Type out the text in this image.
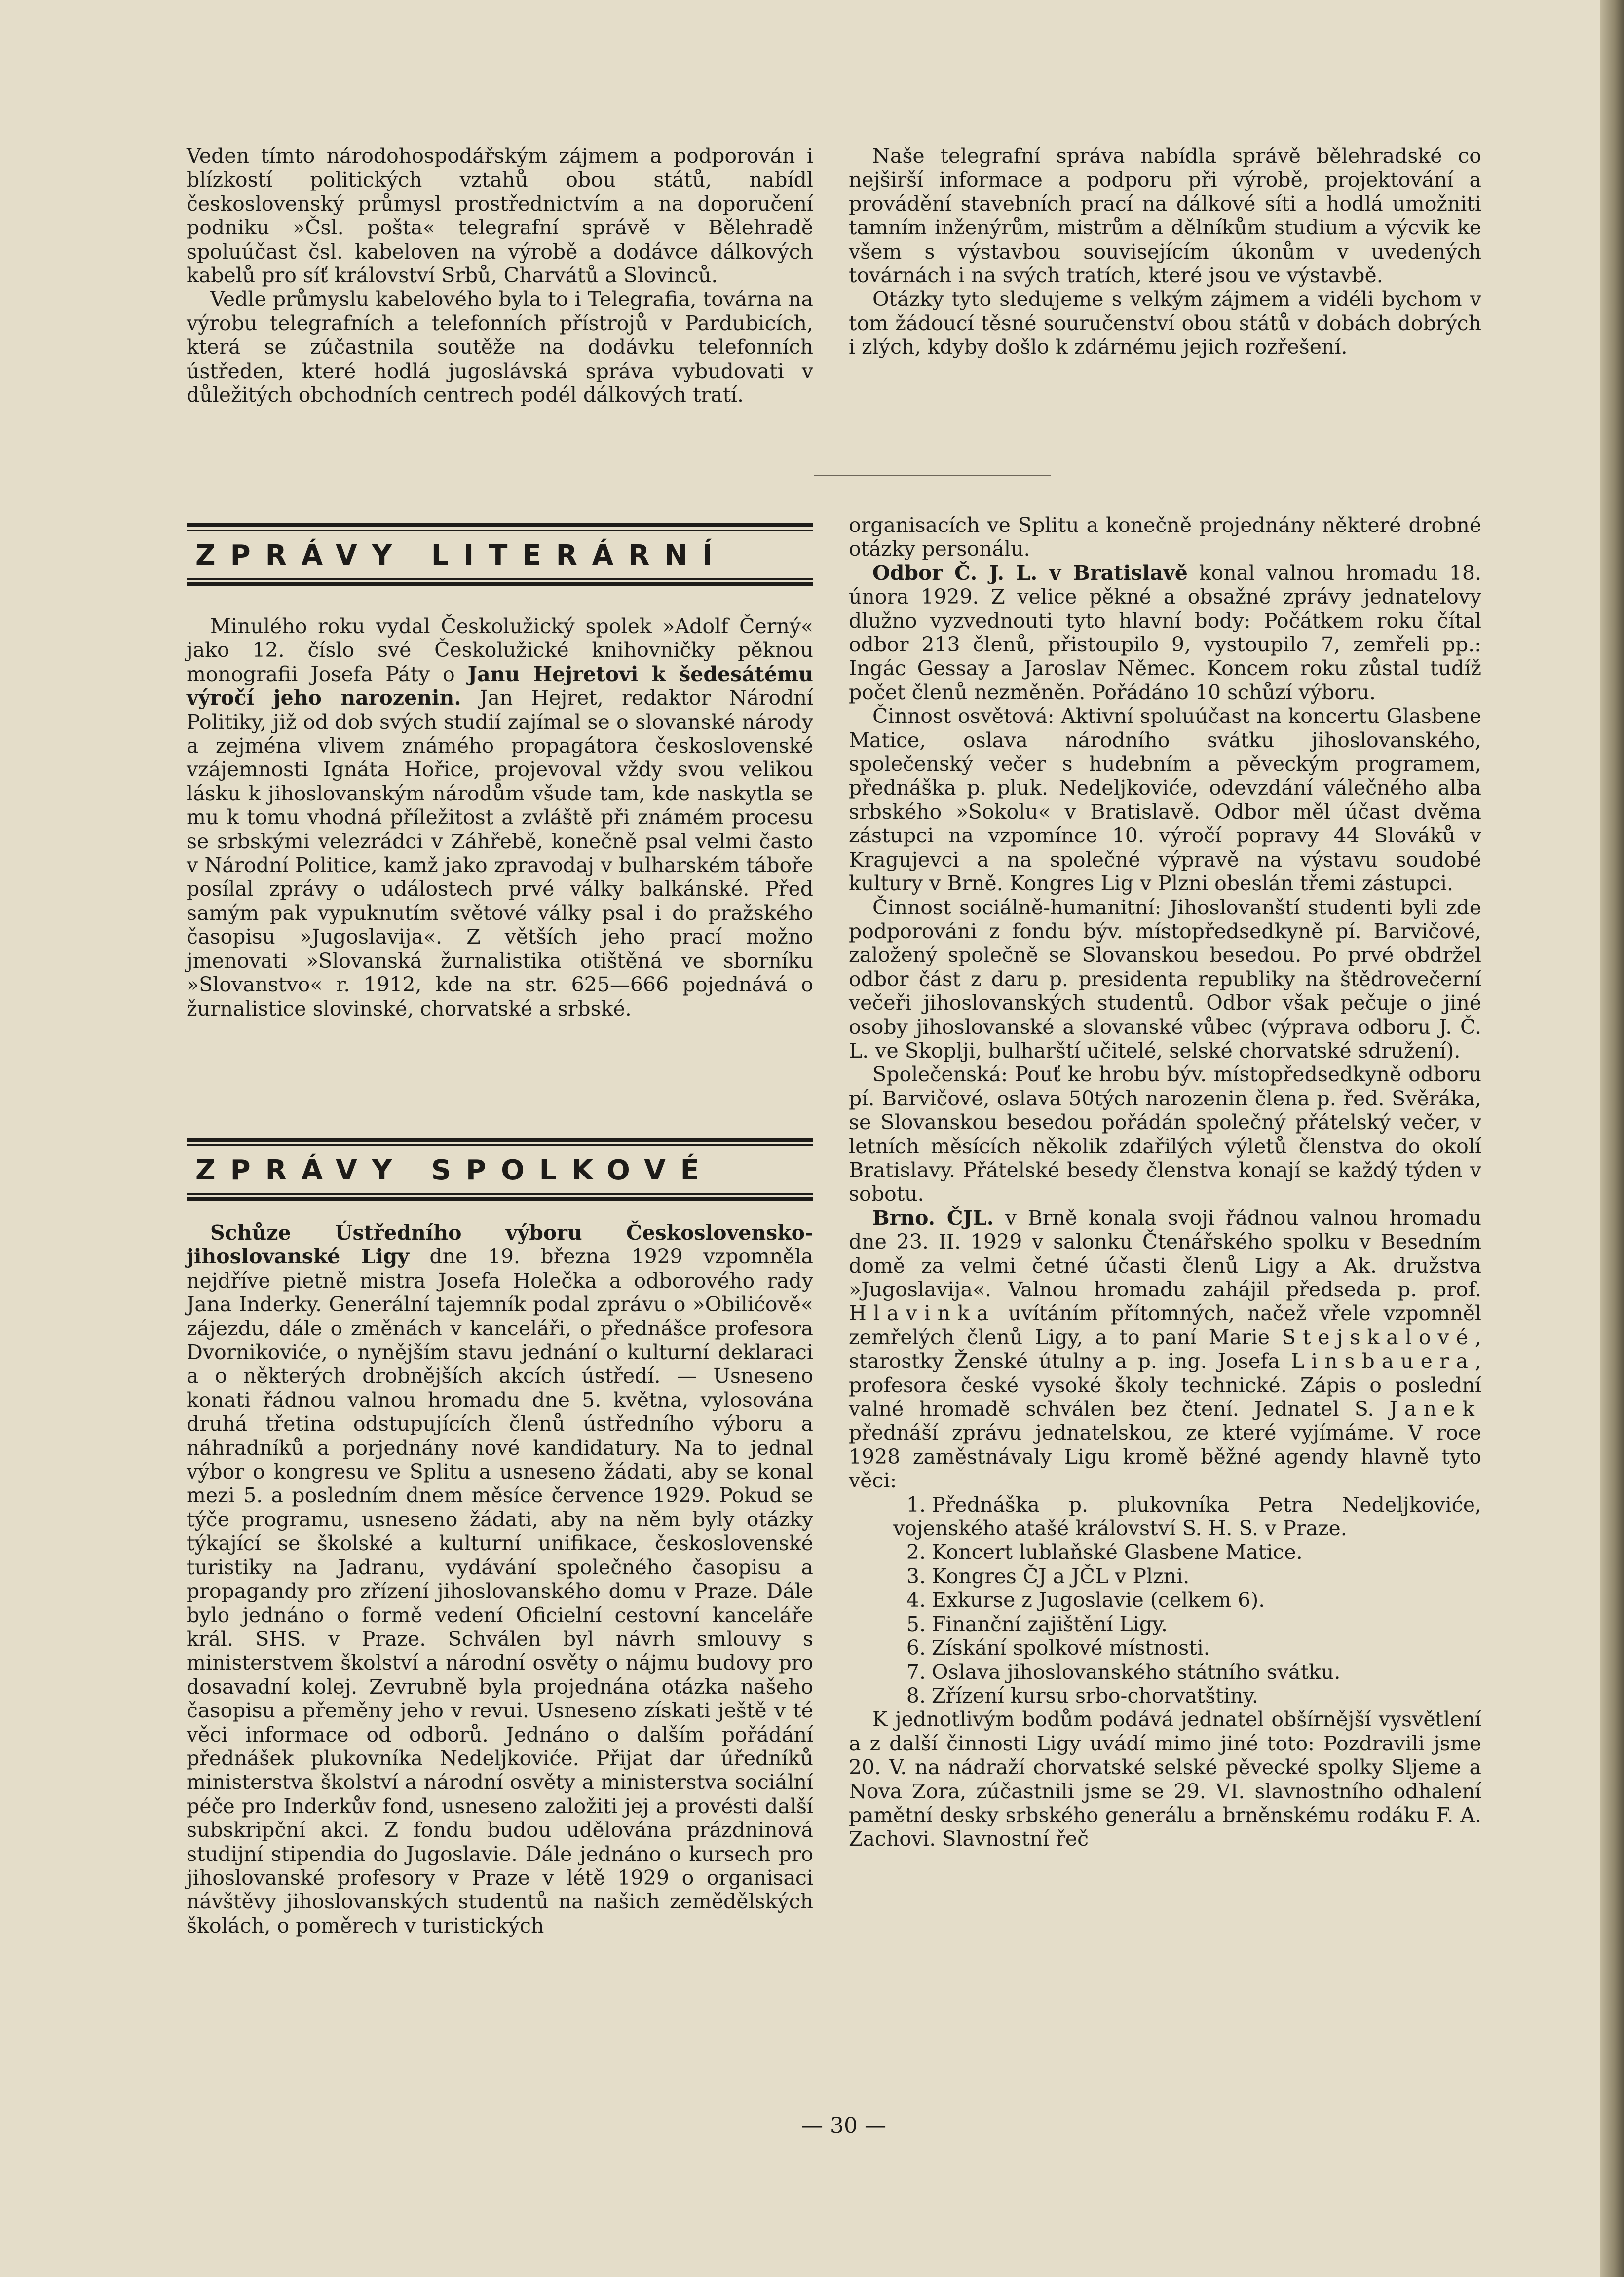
Veden tímto národohospodářským zájmem a podporován i blízkostí politických vztahů obou států, nabídl československý průmysl prostřednictvím a na doporučení podniku »Čsl. pošta« telegrafní správě v Bělehradě spoluúčast čsl. kabeloven na výrobě a dodávce dálkových kabelů pro síť království Srbů, Charvátů a Slovinců.

Vedle průmyslu kabelového byla to i Telegrafia, továrna na výrobu telegrafních a telefonních přístrojů v Pardubicích, která se zúčastnila soutěže na dodávku telefonních ústředen, které hodlá jugoslávská správa vybudovati v důležitých obchodních centrech podél dálkových tratí.

Naše telegrafní správa nabídla správě bělehradské co nejširší informace a podporu při výrobě, projektování a provádění stavebních prací na dálkové síti a hodlá umožniti tamním inženýrům, mistrům a dělníkům studium a výcvik ke všem s výstavbou souvisejícím úkonům v uvedených továrnách i na svých tratích, které jsou ve výstavbě.

Otázky tyto sledujeme s velkým zájmem a vidéli bychom v tom žádoucí těsné souručenství obou států v dobách dobrých i zlých, kdyby došlo k zdárnému jejich rozřešení.

ZPRÁVY LITERÁRNÍ

Minulého roku vydal Českolužický spolek »Adolf Černý« jako 12. číslo své Českolužické knihovničky pěknou monografii Josefa Páty o Janu Hejretovi k šedesátému výročí jeho narozenin. Jan Hejret, redaktor Národní Politiky, již od dob svých studií zajímal se o slovanské národy a zejména vlivem známého propagátora československé vzájemnosti Ignáta Hořice, projevoval vždy svou velikou lásku k jihoslovanským národům všude tam, kde naskytla se mu k tomu vhodná příležitost a zvláště při známém procesu se srbskými velezrádci v Záhřebě, konečně psal velmi často v Národní Politice, kamž jako zpravodaj v bulharském táboře posílal zprávy o událostech prvé války balkánské. Před samým pak vypuknutím světové války psal i do pražského časopisu »Jugoslavija«. Z větších jeho prací možno jmenovati »Slovanská žurnalistika otištěná ve sborníku »Slovanstvo« r. 1912, kde na str. 625—666 pojednává o žurnalistice slovinské, chorvatské a srbské.

ZPRÁVY SPOLKOVÉ

Schůze Ústředního výboru Československo-jihoslovanské Ligy dne 19. března 1929 vzpomněla nejdříve pietně mistra Josefa Holečka a odborového rady Jana Inderky. Generální tajemník podal zprávu o »Obilićově« zájezdu, dále o změnách v kanceláři, o přednášce profesora Dvornikoviće, o nynějším stavu jednání o kulturní deklaraci a o některých drobnějších akcích ústředí. — Usneseno konati řádnou valnou hromadu dne 5. května, vylosována druhá třetina odstupujících členů ústředního výboru a náhradníků a porjednány nové kandidatury. Na to jednal výbor o kongresu ve Splitu a usneseno žádati, aby se konal mezi 5. a posledním dnem měsíce července 1929. Pokud se týče programu, usneseno žádati, aby na něm byly otázky týkající se školské a kulturní unifikace, československé turistiky na Jadranu, vydávání společného časopisu a propagandy pro zřízení jihoslovanského domu v Praze. Dále bylo jednáno o formě vedení Oficielní cestovní kanceláře král. SHS. v Praze. Schválen byl návrh smlouvy s ministerstvem školství a národní osvěty o nájmu budovy pro dosavadní kolej. Zevrubně byla projednána otázka našeho časopisu a přeměny jeho v revui. Usneseno získati ještě v té věci informace od odborů. Jednáno o dalším pořádání přednášek plukovníka Nedeljkoviće. Přijat dar úředníků ministerstva školství a národní osvěty a ministerstva sociální péče pro Inderkův fond, usneseno založiti jej a provésti další subskripční akci. Z fondu budou udělována prázdninová studijní stipendia do Jugoslavie. Dále jednáno o kursech pro jihoslovanské profesory v Praze v létě 1929 o organisaci návštěvy jihoslovanských studentů na našich zemědělských školách, o poměrech v turistických

organisacích ve Splitu a konečně projednány některé drobné otázky personálu.

Odbor Č. J. L. v Bratislavě konal valnou hromadu 18. února 1929. Z velice pěkné a obsažné zprávy jednatelovy dlužno vyzvednouti tyto hlavní body: Počátkem roku čítal odbor 213 členů, přistoupilo 9, vystoupilo 7, zemřeli pp.: Ingác Gessay a Jaroslav Němec. Koncem roku zůstal tudíž počet členů nezměněn. Pořádáno 10 schůzí výboru.

Činnost osvětová: Aktivní spoluúčast na koncertu Glasbene Matice, oslava národního svátku jihoslovanského, společenský večer s hudebním a pěveckým programem, přednáška p. pluk. Nedeljkoviće, odevzdání válečného alba srbského »Sokolu« v Bratislavě. Odbor měl účast dvěma zástupci na vzpomínce 10. výročí popravy 44 Slováků v Kragujevci a na společné výpravě na výstavu soudobé kultury v Brně. Kongres Lig v Plzni obeslán třemi zástupci.

Činnost sociálně-humanitní: Jihoslovanští studenti byli zde podporováni z fondu býv. místopředsedkyně pí. Barvičové, založený společně se Slovanskou besedou. Po prvé obdržel odbor část z daru p. presidenta republiky na štědrovečerní večeři jihoslovanských studentů. Odbor však pečuje o jiné osoby jihoslovanské a slovanské vůbec (výprava odboru J. Č. L. ve Skoplji, bulharští učitelé, selské chorvatské sdružení).

Společenská: Pouť ke hrobu býv. místopředsedkyně odboru pí. Barvičové, oslava 50tých narozenin člena p. řed. Svěráka, se Slovanskou besedou pořádán společný přátelský večer, v letních měsících několik zdařilých výletů členstva do okolí Bratislavy. Přátelské besedy členstva konají se každý týden v sobotu.

Brno. ČJL. v Brně konala svoji řádnou valnou hromadu dne 23. II. 1929 v salonku Čtenářského spolku v Besedním domě za velmi četné účasti členů Ligy a Ak. družstva »Jugoslavija«. Valnou hromadu zahájil předseda p. prof. Hlavinka uvítáním přítomných, načež vřele vzpomněl zemřelých členů Ligy, a to paní Marie Stejskalové, starostky Ženské útulny a p. ing. Josefa Linsbauera, profesora české vysoké školy technické. Zápis o poslední valné hromadě schválen bez čtení. Jednatel S. Janek přednáší zprávu jednatelskou, ze které vyjímáme. V roce 1928 zaměstnávaly Ligu kromě běžné agendy hlavně tyto věci:

1. Přednáška p. plukovníka Petra Nedeljkoviće, vojenského atašé království S. H. S. v Praze.
2. Koncert lublaňské Glasbene Matice.
3. Kongres ČJ a JČL v Plzni.
4. Exkurse z Jugoslavie (celkem 6).
5. Finanční zajištění Ligy.
6. Získání spolkové místnosti.
7. Oslava jihoslovanského státního svátku.
8. Zřízení kursu srbo-chorvatštiny.

K jednotlivým bodům podává jednatel obšírnější vysvětlení a z další činnosti Ligy uvádí mimo jiné toto: Pozdravili jsme 20. V. na nádraží chorvatské selské pěvecké spolky Sljeme a Nova Zora, zúčastnili jsme se 29. VI. slavnostního odhalení pamětní desky srbského generálu a brněnskému rodáku F. A. Zachovi. Slavnostní řeč

— 30 —
